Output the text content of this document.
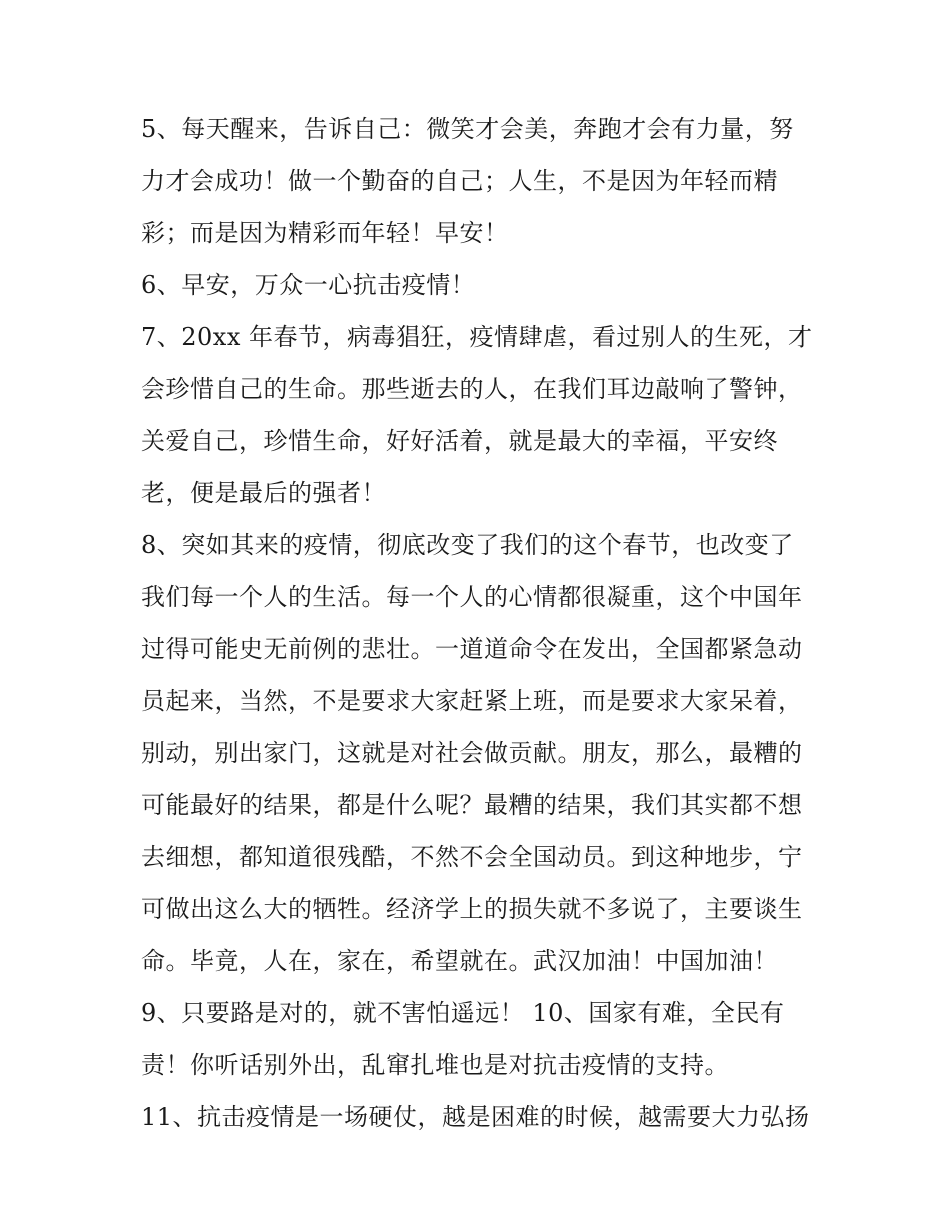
5、每天醒来，告诉自己：微笑才会美，奔跑才会有力量，努
力才会成功！做一个勤奋的自己；人生，不是因为年轻而精
彩；而是因为精彩而年轻！早安！
6、早安，万众一心抗击疫情！
7、20xx 年春节，病毒猖狂，疫情肆虐，看过别人的生死，才
会珍惜自己的生命。那些逝去的人，在我们耳边敲响了警钟，
关爱自己，珍惜生命，好好活着，就是最大的幸福，平安终
老，便是最后的强者！
8、突如其来的疫情，彻底改变了我们的这个春节，也改变了
我们每一个人的生活。每一个人的心情都很凝重，这个中国年
过得可能史无前例的悲壮。一道道命令在发出，全国都紧急动
员起来，当然，不是要求大家赶紧上班，而是要求大家呆着，
别动，别出家门，这就是对社会做贡献。朋友，那么，最糟的
可能最好的结果，都是什么呢？最糟的结果，我们其实都不想
去细想，都知道很残酷，不然不会全国动员。到这种地步，宁
可做出这么大的牺牲。经济学上的损失就不多说了，主要谈生
命。毕竟，人在，家在，希望就在。武汉加油！中国加油！
9、只要路是对的，就不害怕遥远！ 10、国家有难，全民有
责！你听话别外出，乱窜扎堆也是对抗击疫情的支持。
11、抗击疫情是一场硬仗，越是困难的时候，越需要大力弘扬
